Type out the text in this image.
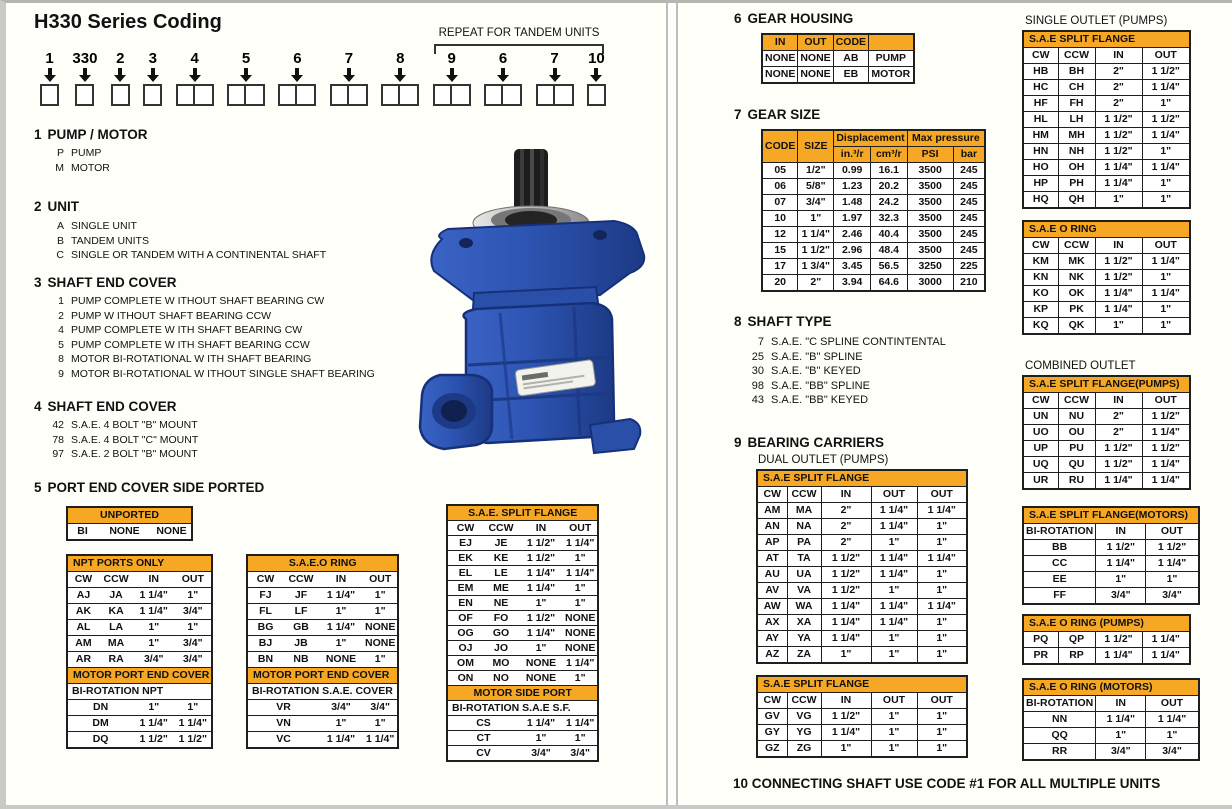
H330 Series Coding	REPEAT FOR TANDEM UNITS
1 330 2 3 4	5	6	7	8	9	6	7 10
1 PUMP / MOTOR
P PUMP
M MOTOR
2 UNIT
A SINGLE UNIT
B TANDEM UNITS
C SINGLE OR TANDEM WITH A CONTINENTAL SHAFT
3 SHAFT END COVER
1 PUMP COMPLETE W ITHOUT SHAFT BEARING CW
2 PUMP W ITHOUT SHAFT BEARING CCW
4 PUMP COMPLETE W ITH SHAFT BEARING CW
5 PUMP COMPLETE W ITH SHAFT BEARING CCW
8 MOTOR BI-ROTATIONAL W ITH SHAFT BEARING
9 MOTOR BI-ROTATIONAL W ITHOUT SINGLE SHAFT BEARING
4 SHAFT END COVER
42 S.A.E. 4 BOLT "B" MOUNT
78 S.A.E. 4 BOLT "C" MOUNT
97 S.A.E. 2 BOLT "B" MOUNT
5 PORT END COVER SIDE PORTED
UNPORTED
BI	NONE	NONE
NPT PORTS ONLY			
CW	CCW	IN	OUT
AJ	JA	1 1/4"	1"
AK	KA	1 1/4"	3/4"
AL	LA	1"	1"
AM	MA	1"	3/4"
AR	RA	3/4"	3/4"
MOTOR PORT END COVER			
BI-ROTATION NPT			
DN		1"	1"
DM		1 1/4"	1 1/4"
DQ		1 1/2"	1 1/2"
S.A.E.O RING			
CW	CCW	IN	OUT
FJ	JF	1 1/4"	1"
FL	LF	1"	1"
BG	GB	1 1/4"	NONE
BJ	JB	1"	NONE
BN	NB	NONE	1"
MOTOR PORT END COVER			
BI-ROTATION S.A.E. COVER			
VR		3/4"	3/4"
VN		1"	1"
VC		1 1/4"	1 1/4"
S.A.E. SPLIT FLANGE			
CW	CCW	IN	OUT
EJ	JE	1 1/2"	1 1/4"
EK	KE	1 1/2"	1"
EL	LE	1 1/4"	1 1/4"
EM	ME	1 1/4"	1"
EN	NE	1"	1"
OF	FO	1 1/2"	NONE
OG	GO	1 1/4"	NONE
OJ	JO	1"	NONE
OM	MO	NONE	1 1/4"
ON	NO	NONE	1"
MOTOR SIDE PORT			
BI-ROTATION S.A.E S.F.			
CS		1 1/4"	1 1/4"
CT		1"	1"
CV		3/4"	3/4"
6 GEAR HOUSING
IN	OUT	CODE	
NONE	NONE	AB	PUMP
NONE	NONE	EB	MOTOR
7 GEAR SIZE
CODE	SIZE	Displacement		Max pressure	
		in.³/r	cm³/r	PSI	bar
05	1/2"	0.99	16.1	3500	245
06	5/8"	1.23	20.2	3500	245
07	3/4"	1.48	24.2	3500	245
10	1"	1.97	32.3	3500	245
12	1 1/4"	2.46	40.4	3500	245
15	1 1/2"	2.96	48.4	3500	245
17	1 3/4"	3.45	56.5	3250	225
20	2"	3.94	64.6	3000	210
8 SHAFT TYPE
7 S.A.E. "C SPLINE CONTINTENTAL
25 S.A.E. "B" SPLINE
30 S.A.E. "B" KEYED
98 S.A.E. "BB" SPLINE
43 S.A.E. "BB" KEYED
9 BEARING CARRIERS
DUAL OUTLET (PUMPS)
S.A.E SPLIT FLANGE				
CW	CCW	IN	OUT	OUT
AM	MA	2"	1 1/4"	1 1/4"
AN	NA	2"	1 1/4"	1"
AP	PA	2"	1"	1"
AT	TA	1 1/2"	1 1/4"	1 1/4"
AU	UA	1 1/2"	1 1/4"	1"
AV	VA	1 1/2"	1"	1"
AW	WA	1 1/4"	1 1/4"	1 1/4"
AX	XA	1 1/4"	1 1/4"	1"
AY	YA	1 1/4"	1"	1"
AZ	ZA	1"	1"	1"
S.A.E SPLIT FLANGE				
CW	CCW	IN	OUT	OUT
GV	VG	1 1/2"	1"	1"
GY	YG	1 1/4"	1"	1"
GZ	ZG	1"	1"	1"
10 CONNECTING SHAFT USE CODE #1 FOR ALL MULTIPLE UNITS
SINGLE OUTLET (PUMPS)
S.A.E SPLIT FLANGE			
CW	CCW	IN	OUT
HB	BH	2"	1 1/2"
HC	CH	2"	1 1/4"
HF	FH	2"	1"
HL	LH	1 1/2"	1 1/2"
HM	MH	1 1/2"	1 1/4"
HN	NH	1 1/2"	1"
HO	OH	1 1/4"	1 1/4"
HP	PH	1 1/4"	1"
HQ	QH	1"	1"
S.A.E O RING			
CW	CCW	IN	OUT
KM	MK	1 1/2"	1 1/4"
KN	NK	1 1/2"	1"
KO	OK	1 1/4"	1 1/4"
KP	PK	1 1/4"	1"
KQ	QK	1"	1"
COMBINED OUTLET
S.A.E SPLIT FLANGE(PUMPS)			
CW	CCW	IN	OUT
UN	NU	2"	1 1/2"
UO	OU	2"	1 1/4"
UP	PU	1 1/2"	1 1/2"
UQ	QU	1 1/2"	1 1/4"
UR	RU	1 1/4"	1 1/4"
S.A.E SPLIT FLANGE(MOTORS)		
BI-ROTATION	IN	OUT
BB	1 1/2"	1 1/2"
CC	1 1/4"	1 1/4"
EE	1"	1"
FF	3/4"	3/4"
S.A.E O RING (PUMPS)			
PQ	QP	1 1/2"	1 1/4"
PR	RP	1 1/4"	1 1/4"
S.A.E O RING (MOTORS)		
BI-ROTATION	IN	OUT
NN	1 1/4"	1 1/4"
QQ	1"	1"
RR	3/4"	3/4"
